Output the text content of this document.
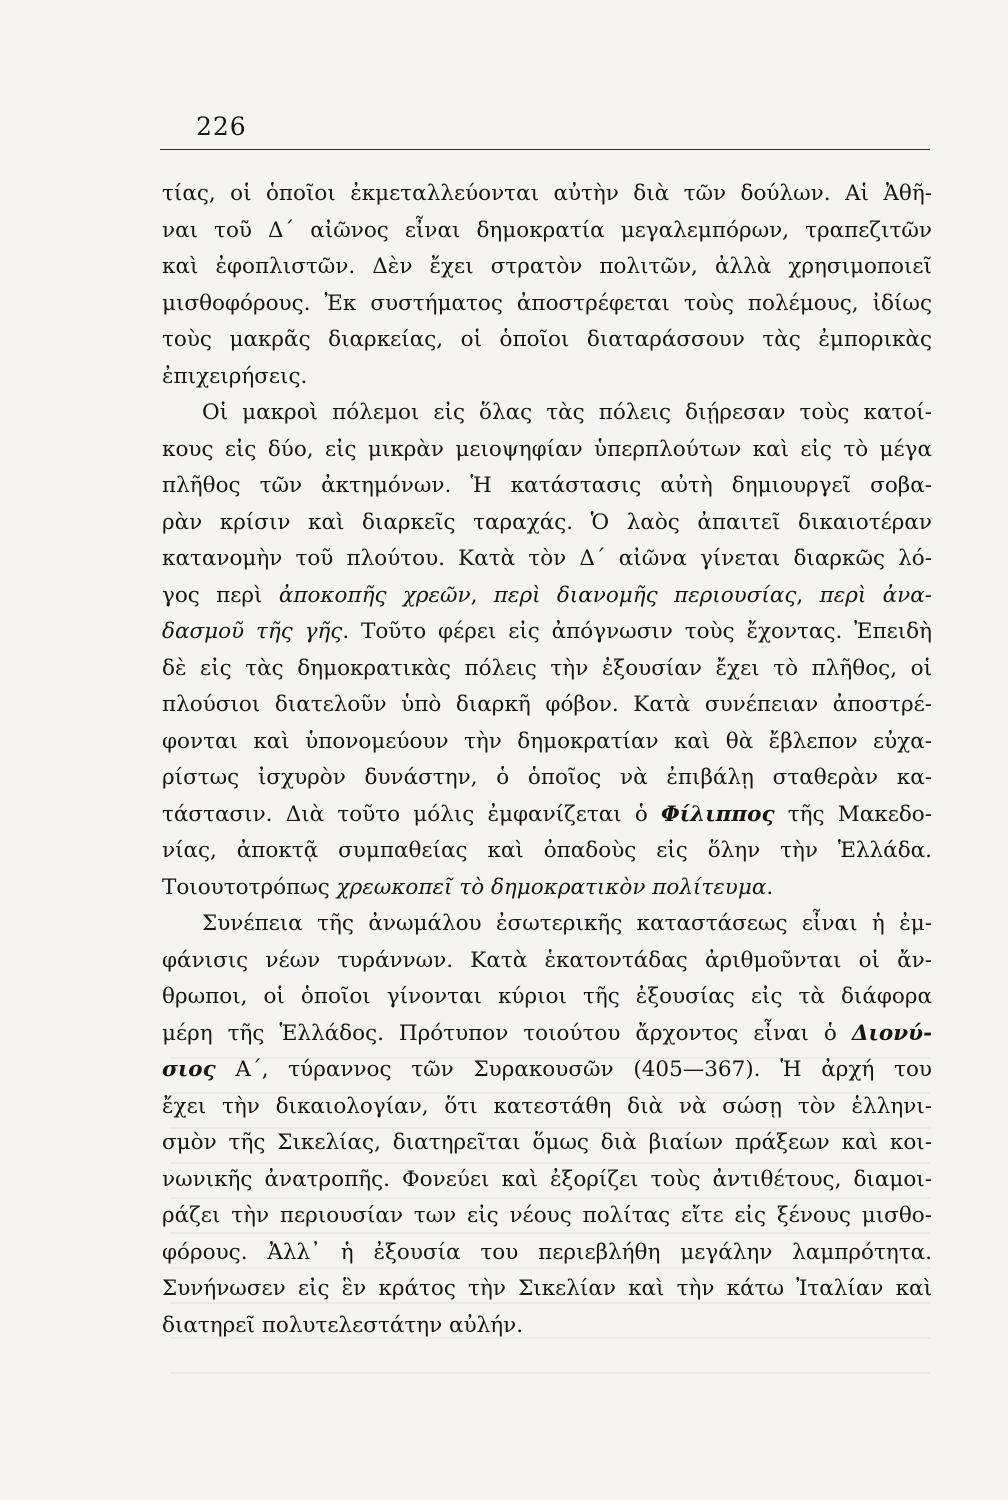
226
τίας, οἱ ὁποῖοι ἐκμεταλλεύονται αὐτὴν διὰ τῶν δούλων. Αἱ Ἀθῆ-
ναι τοῦ Δ´ αἰῶνος εἶναι δημοκρατία μεγαλεμπόρων, τραπεζιτῶν
καὶ ἐφοπλιστῶν. Δὲν ἔχει στρατὸν πολιτῶν, ἀλλὰ χρησιμοποιεῖ
μισθοφόρους. Ἐκ συστήματος ἀποστρέφεται τοὺς πολέμους, ἰδίως
τοὺς μακρᾶς διαρκείας, οἱ ὁποῖοι διαταράσσουν τὰς ἐμπορικὰς
ἐπιχειρήσεις.
Οἱ μακροὶ πόλεμοι εἰς ὅλας τὰς πόλεις διῄρεσαν τοὺς κατοί-
κους εἰς δύο, εἰς μικρὰν μειοψηφίαν ὑπερπλούτων καὶ εἰς τὸ μέγα
πλῆθος τῶν ἀκτημόνων. Ἡ κατάστασις αὐτὴ δημιουργεῖ σοβα-
ρὰν κρίσιν καὶ διαρκεῖς ταραχάς. Ὁ λαὸς ἀπαιτεῖ δικαιοτέραν
κατανομὴν τοῦ πλούτου. Κατὰ τὸν Δ´ αἰῶνα γίνεται διαρκῶς λό-
γος περὶ ἀποκοπῆς χρεῶν, περὶ διανομῆς περιουσίας, περὶ ἀνα-
δασμοῦ τῆς γῆς. Τοῦτο φέρει εἰς ἀπόγνωσιν τοὺς ἔχοντας. Ἐπειδὴ
δὲ εἰς τὰς δημοκρατικὰς πόλεις τὴν ἐξουσίαν ἔχει τὸ πλῆθος, οἱ
πλούσιοι διατελοῦν ὑπὸ διαρκῆ φόβον. Κατὰ συνέπειαν ἀποστρέ-
φονται καὶ ὑπονομεύουν τὴν δημοκρατίαν καὶ θὰ ἔβλεπον εὐχα-
ρίστως ἰσχυρὸν δυνάστην, ὁ ὁποῖος νὰ ἐπιβάλῃ σταθερὰν κα-
τάστασιν. Διὰ τοῦτο μόλις ἐμφανίζεται ὁ Φίλιππος τῆς Μακεδο-
νίας, ἀποκτᾷ συμπαθείας καὶ ὀπαδοὺς εἰς ὅλην τὴν Ἑλλάδα.
Τοιουτοτρόπως χρεωκοπεῖ τὸ δημοκρατικὸν πολίτευμα.
Συνέπεια τῆς ἀνωμάλου ἐσωτερικῆς καταστάσεως εἶναι ἡ ἐμ-
φάνισις νέων τυράννων. Κατὰ ἑκατοντάδας ἀριθμοῦνται οἱ ἄν-
θρωποι, οἱ ὁποῖοι γίνονται κύριοι τῆς ἐξουσίας εἰς τὰ διάφορα
μέρη τῆς Ἑλλάδος. Πρότυπον τοιούτου ἄρχοντος εἶναι ὁ Διονύ-
σιος Α´, τύραννος τῶν Συρακουσῶν (405—367). Ἡ ἀρχή του
ἔχει τὴν δικαιολογίαν, ὅτι κατεστάθη διὰ νὰ σώσῃ τὸν ἑλληνι-
σμὸν τῆς Σικελίας, διατηρεῖται ὅμως διὰ βιαίων πράξεων καὶ κοι-
νωνικῆς ἀνατροπῆς. Φονεύει καὶ ἐξορίζει τοὺς ἀντιθέτους, διαμοι-
ράζει τὴν περιουσίαν των εἰς νέους πολίτας εἴτε εἰς ξένους μισθο-
φόρους. Ἀλλ᾽ ἡ ἐξουσία του περιεβλήθη μεγάλην λαμπρότητα.
Συνήνωσεν εἰς ἓν κράτος τὴν Σικελίαν καὶ τὴν κάτω Ἰταλίαν καὶ
διατηρεῖ πολυτελεστάτην αὐλήν.
